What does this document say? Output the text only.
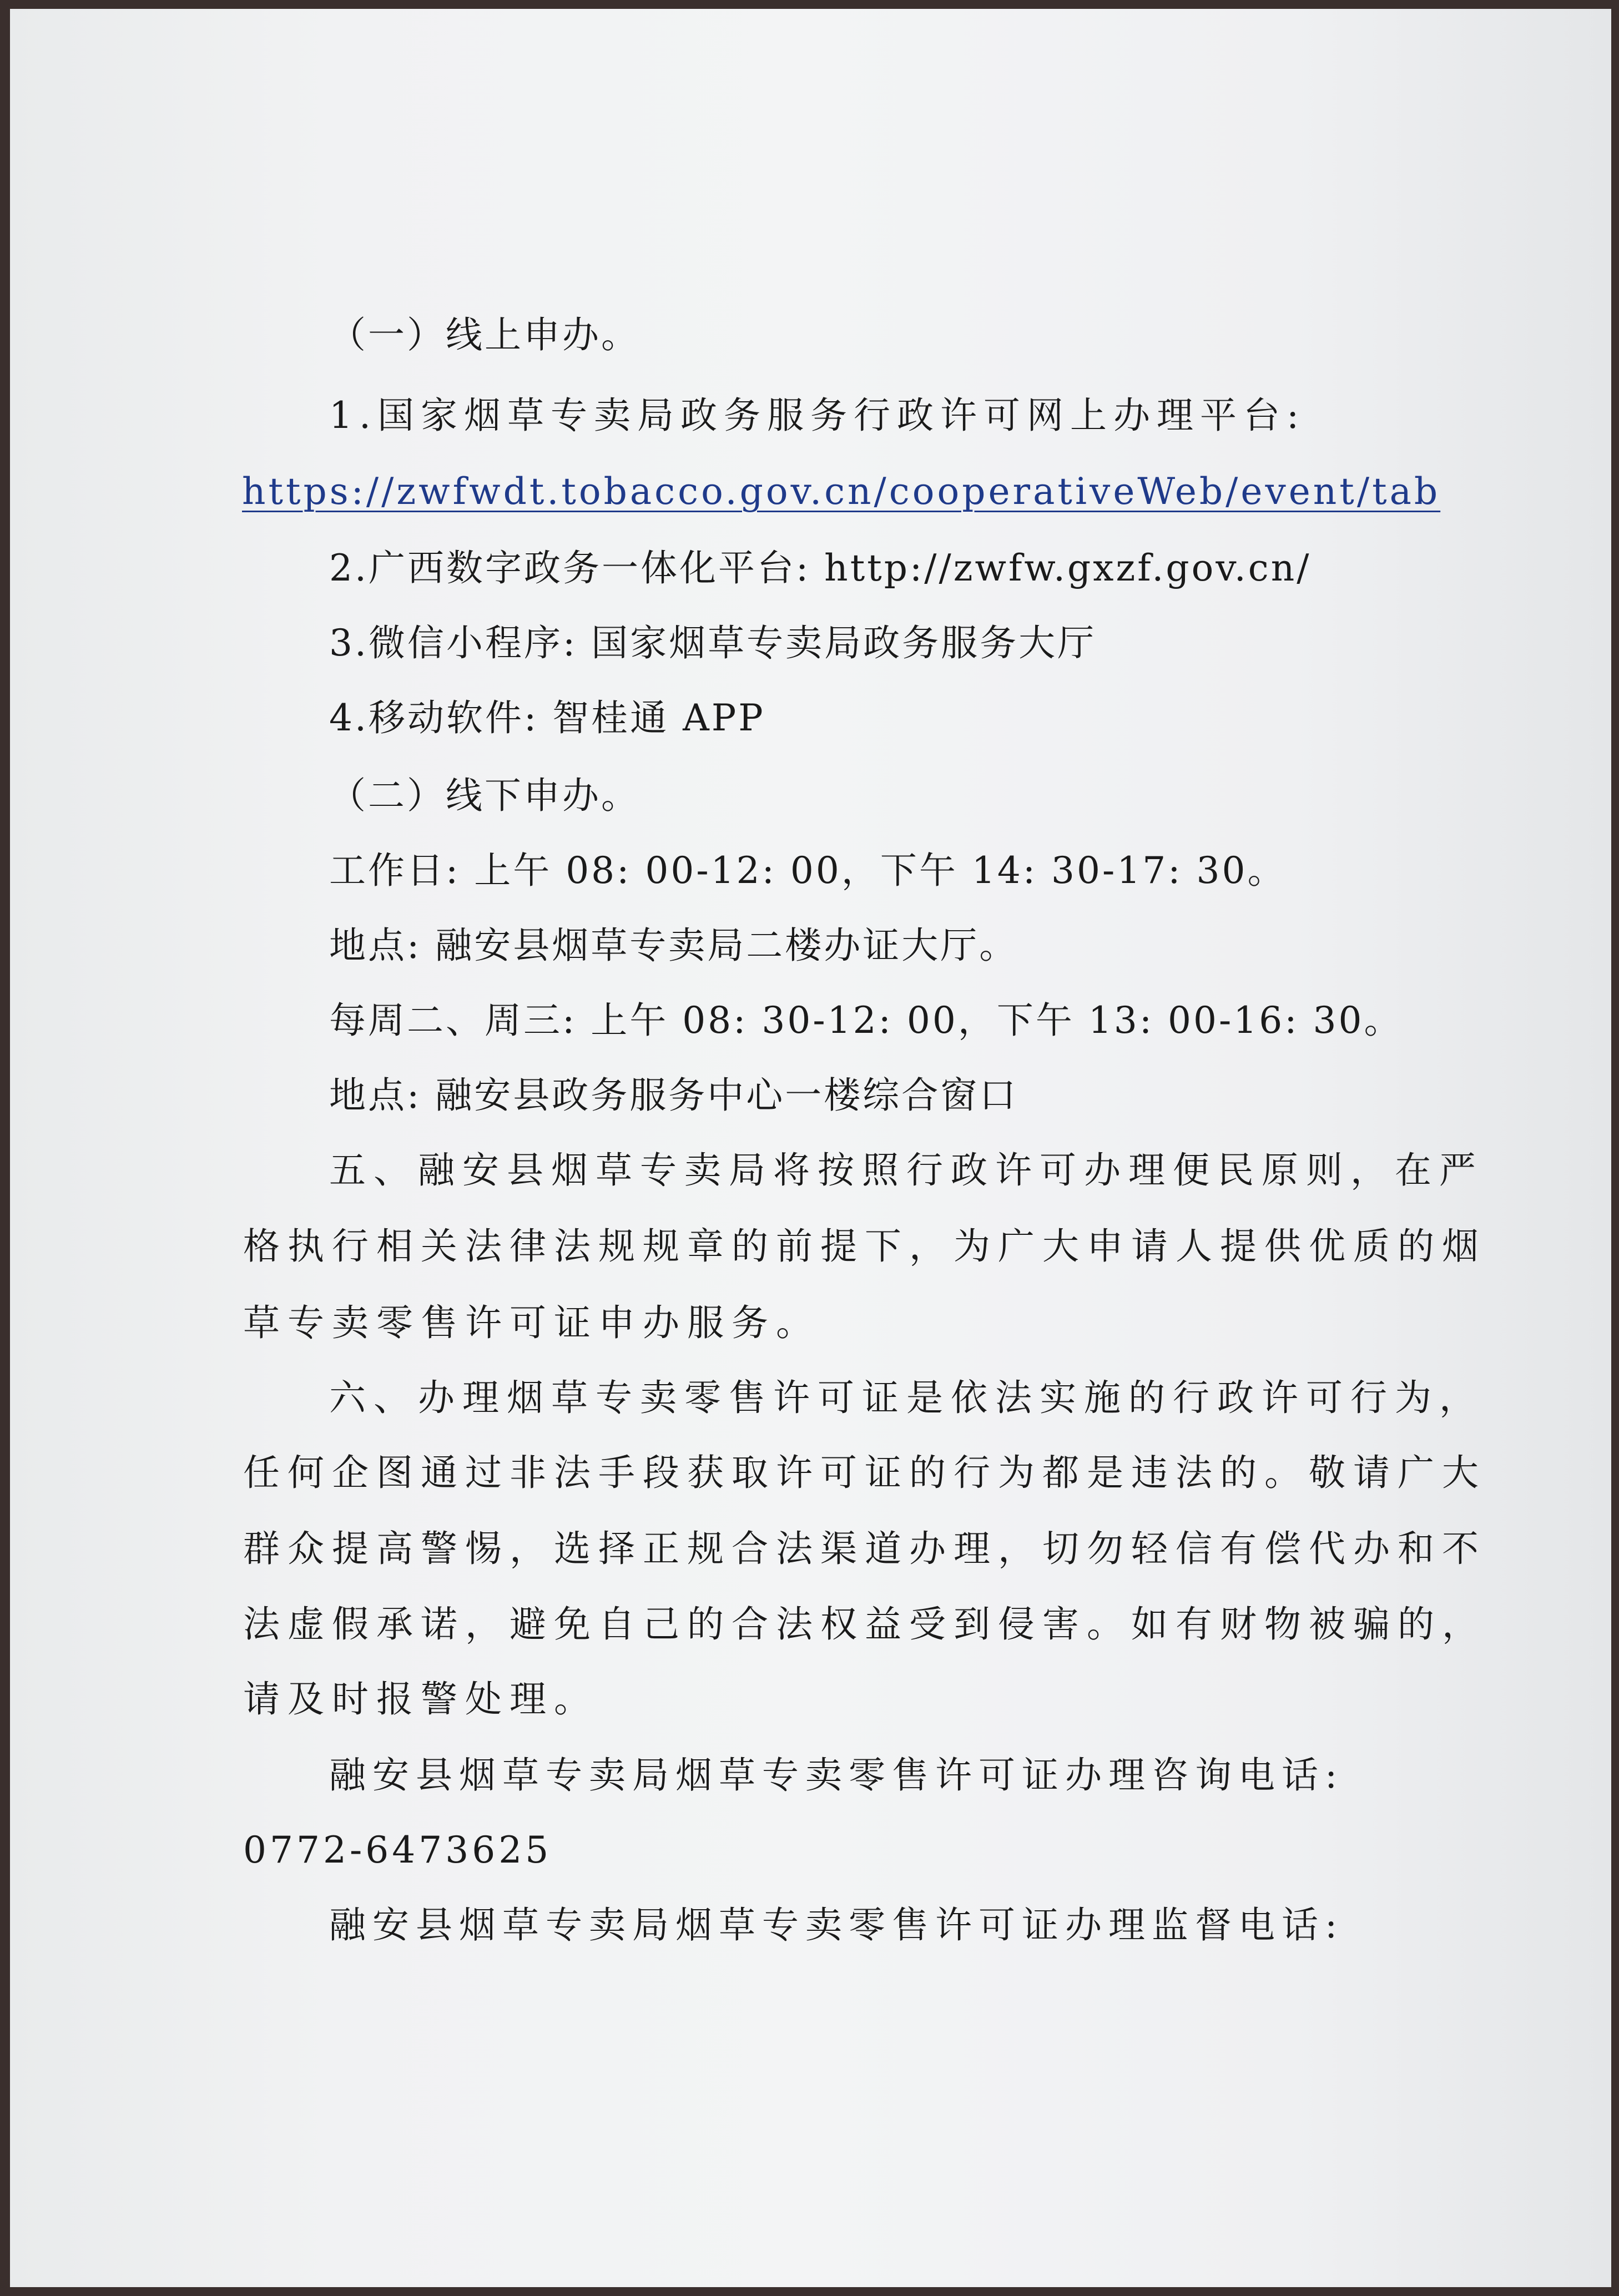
（一）线上申办。
1.国家烟草专卖局政务服务行政许可网上办理平台:
https://zwfwdt.tobacco.gov.cn/cooperativeWeb/event/tab
2.广西数字政务一体化平台: http://zwfw.gxzf.gov.cn/
3.微信小程序: 国家烟草专卖局政务服务大厅
4.移动软件: 智桂通 APP
（二）线下申办。
工作日: 上午 08: 00-12: 00，下午 14: 30-17: 30。
地点: 融安县烟草专卖局二楼办证大厅。
每周二、周三: 上午 08: 30-12: 00，下午 13: 00-16: 30。
地点: 融安县政务服务中心一楼综合窗口
五、融安县烟草专卖局将按照行政许可办理便民原则，在严
格执行相关法律法规规章的前提下，为广大申请人提供优质的烟
草专卖零售许可证申办服务。
六、办理烟草专卖零售许可证是依法实施的行政许可行为，
任何企图通过非法手段获取许可证的行为都是违法的。敬请广大
群众提高警惕，选择正规合法渠道办理，切勿轻信有偿代办和不
法虚假承诺，避免自己的合法权益受到侵害。如有财物被骗的，
请及时报警处理。
融安县烟草专卖局烟草专卖零售许可证办理咨询电话:
0772-6473625
融安县烟草专卖局烟草专卖零售许可证办理监督电话:
